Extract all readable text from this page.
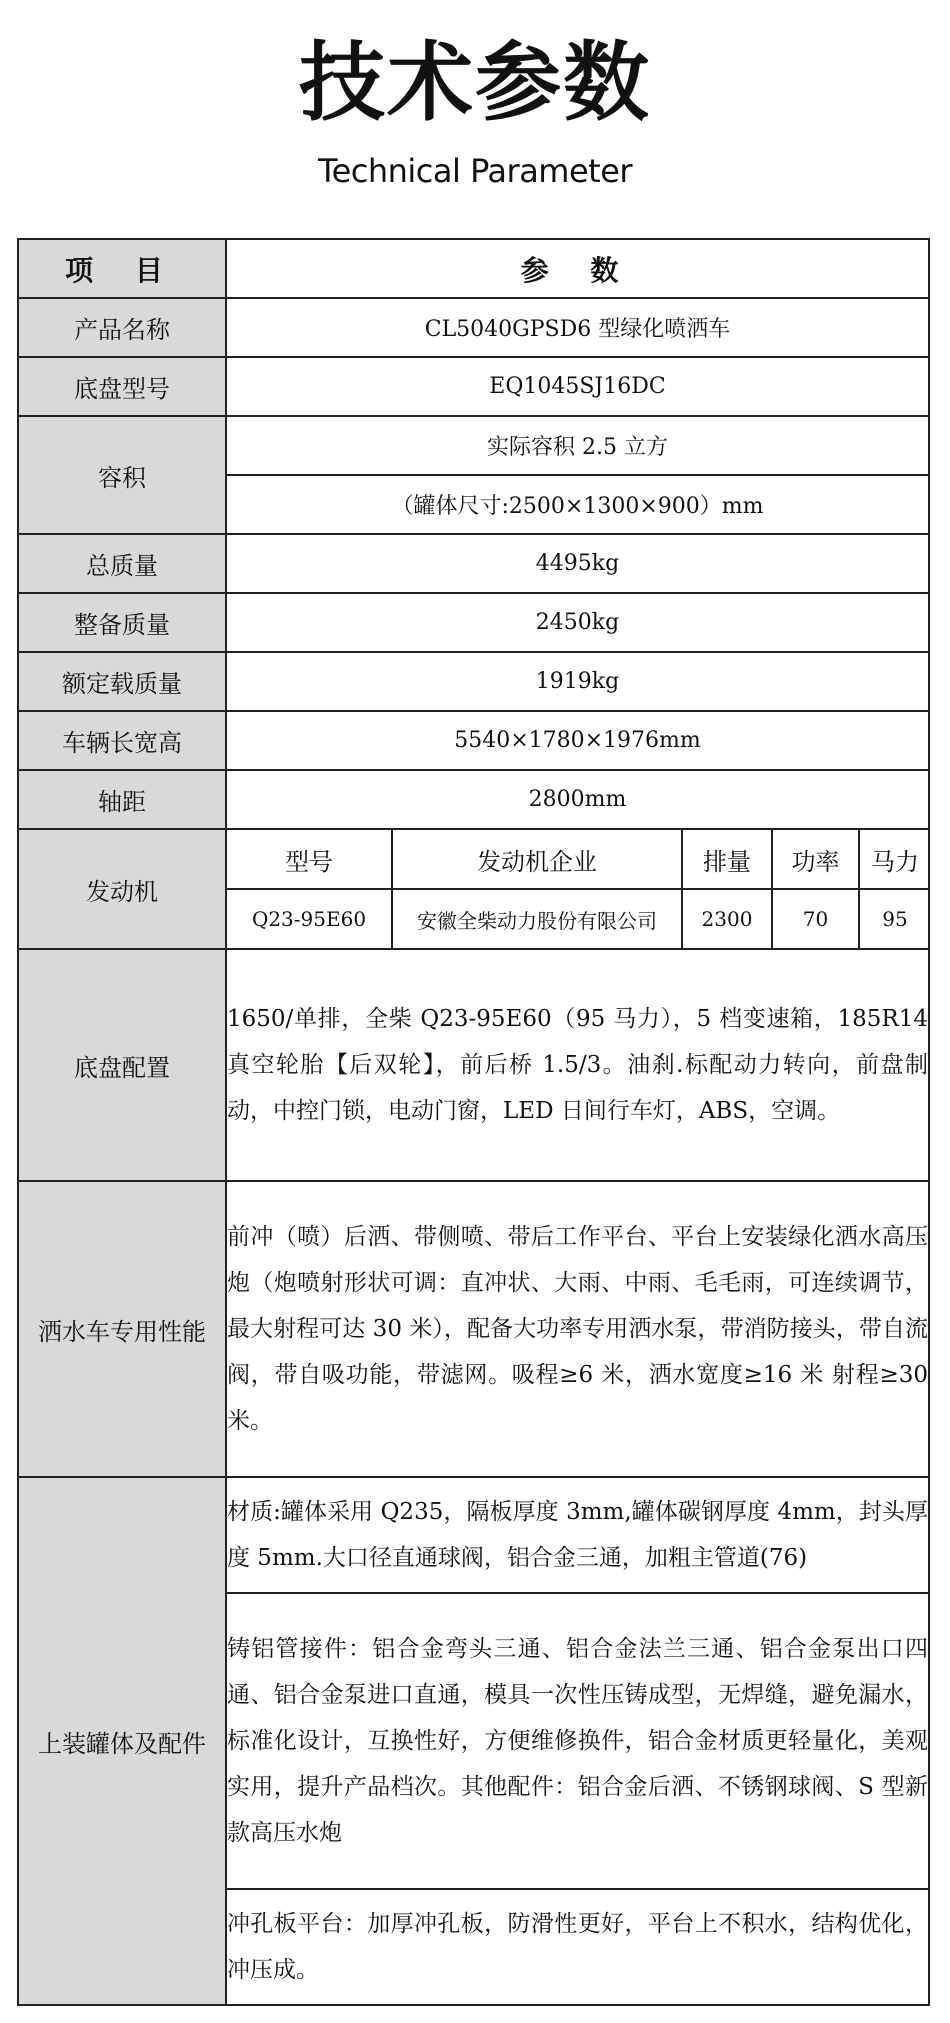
技术参数
Technical Parameter
项 目	参 数
产品名称	CL5040GPSD6 型绿化喷洒车
底盘型号	EQ1045SJ16DC
容积	实际容积 2.5 立方
（罐体尺寸:2500×1300×900）mm
总质量	4495kg
整备质量	2450kg
额定载质量	1919kg
车辆长宽高	5540×1780×1976mm
轴距	2800mm
发动机	
型号	发动机企业	排量	功率	马力
Q23-95E60	安徽全柴动力股份有限公司	2300	70	95

底盘配置	1650/单排，全柴 Q23-95E60（95 马力），5 档变速箱，185R14 真空轮胎【后双轮】，前后桥 1.5/3。油刹.标配动力转向，前盘制动，中控门锁，电动门窗，LED 日间行车灯，ABS，空调。
洒水车专用性能	前冲（喷）后洒、带侧喷、带后工作平台、平台上安装绿化洒水高压炮（炮喷射形状可调：直冲状、大雨、中雨、毛毛雨，可连续调节，最大射程可达 30 米），配备大功率专用洒水泵，带消防接头，带自流阀，带自吸功能，带滤网。吸程≥6 米，洒水宽度≥16 米 射程≥30 米。
上装罐体及配件	材质:罐体采用 Q235，隔板厚度 3mm,罐体碳钢厚度 4mm，封头厚度 5mm.大口径直通球阀，铝合金三通，加粗主管道(76)
铸铝管接件：铝合金弯头三通、铝合金法兰三通、铝合金泵出口四通、铝合金泵进口直通，模具一次性压铸成型，无焊缝，避免漏水，标准化设计，互换性好，方便维修换件，铝合金材质更轻量化，美观实用，提升产品档次。其他配件：铝合金后洒、不锈钢球阀、S 型新款高压水炮
冲孔板平台：加厚冲孔板，防滑性更好，平台上不积水，结构优化，冲压成。
